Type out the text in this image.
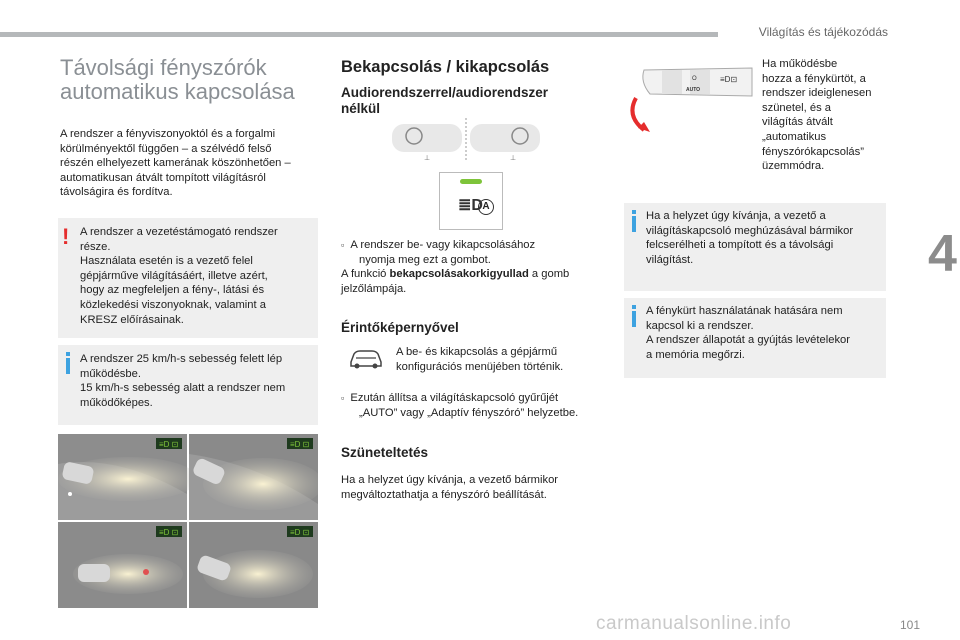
Világítás és tájékozódás
Távolsági fényszórók
automatikus kapcsolása
A rendszer a fényviszonyoktól és a forgalmi
körülményektől függően – a szélvédő felső
részén elhelyezett kamerának köszönhetően –
automatikusan átvált tompított világításról
távolságira és fordítva.
! A rendszer a vezetéstámogató rendszer
része.
Használata esetén is a vezető felel
gépjárműve világításáért, illetve azért,
hogy az megfeleljen a fény-, látási és
közlekedési viszonyoknak, valamint a
KRESZ előírásainak.
A rendszer 25 km/h-s sebesség felett lép
működésbe.
15 km/h-s sebesség alatt a rendszer nem
működőképes.
≡D ⊡	≡D ⊡
≡D ⊡	≡D ⊡
Bekapcsolás / kikapcsolás
Audiorendszerrel/audiorendszer
nélkül
⊥	⊥
≣D A
▫ A rendszer be- vagy kikapcsolásához
nyomja meg ezt a gombot.
A funkció bekapcsolásakorkigyullad a gomb
jelzőlámpája.
Érintőképernyővel
A be- és kikapcsolás a gépjármű
konfigurációs menüjében történik.
▫ Ezután állítsa a világításkapcsoló gyűrűjét
„AUTO” vagy „Adaptív fényszóró” helyzetbe.
Szüneteltetés
Ha a helyzet úgy kívánja, a vezető bármikor
megváltoztathatja a fényszóró beállítását.
O
AUTO
≡D⊡
Ha működésbe
hozza a fénykürtöt, a
rendszer ideiglenesen
szünetel, és a
világítás átvált
„automatikus
fényszórókapcsolás”
üzemmódra.
Ha a helyzet úgy kívánja, a vezető a
világításkapcsoló meghúzásával bármikor
felcserélheti a tompított és a távolsági
világítást.
A fénykürt használatának hatására nem
kapcsol ki a rendszer.
A rendszer állapotát a gyújtás levételekor
a memória megőrzi.
4
carmanualsonline.info	101
